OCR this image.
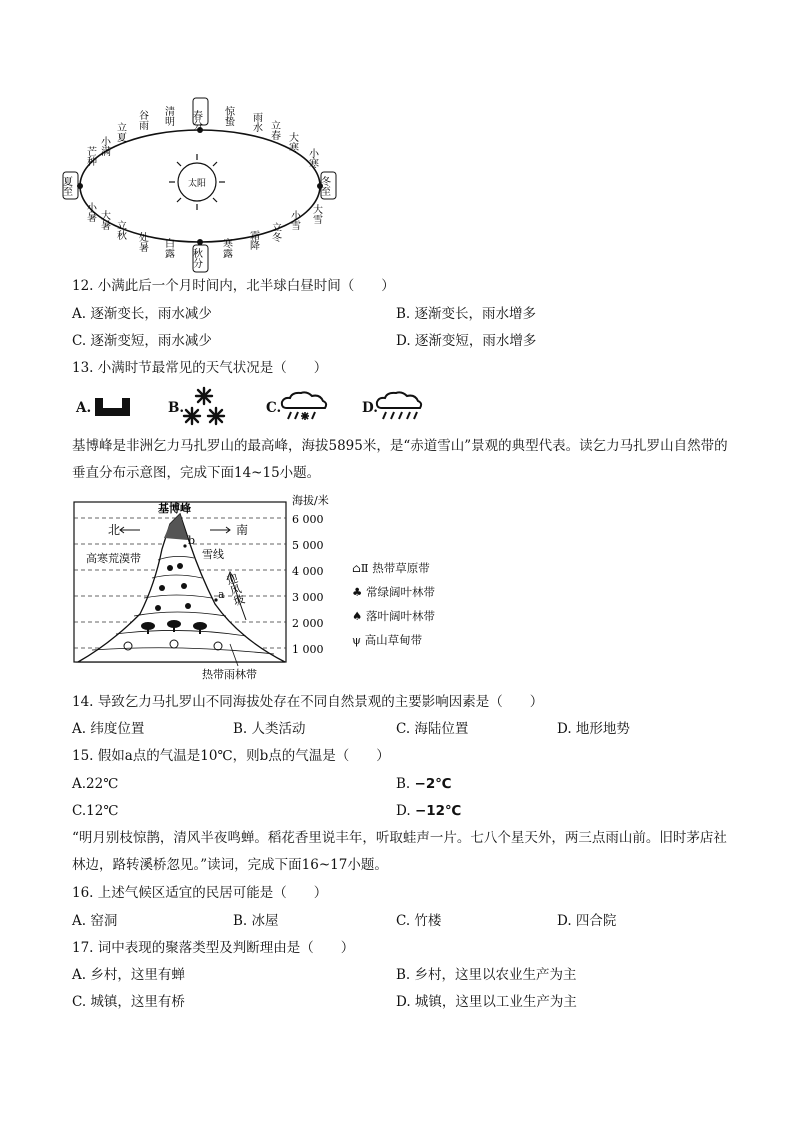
太阳
春分 惊蛰 雨水 立春
大寒
小寒
冬至
大雪
小雪
立冬
霜降
寒露
秋分
白露
处暑
立秋
大暑
小暑
夏至
芒种 小满
立夏
谷雨 清明
12. 小满此后一个月时间内，北半球白昼时间（　　）
A. 逐渐变长，雨水减少	B. 逐渐变长，雨水增多
C. 逐渐变短，雨水减少	D. 逐渐变短，雨水增多
13. 小满时节最常见的天气状况是（　　）
A.	B.	C.	D.
基博峰是非洲乞力马扎罗山的最高峰，海拔5895米，是“赤道雪山”景观的典型代表。读乞力马扎罗山自然带的垂直分布示意图，完成下面14~15小题。
海拔/米
6 000
5 000
4 000
3 000
2 000
1 000
基博峰
北	南
高寒荒漠带	雪线
b
a 迎风坡
热带雨林带
⌂Ⅱ 热带草原带
♣ 常绿阔叶林带
♠ 落叶阔叶林带
ψ 高山草甸带
14. 导致乞力马扎罗山不同海拔处存在不同自然景观的主要影响因素是（　　）
A. 纬度位置	B. 人类活动	C. 海陆位置	D. 地形地势
15. 假如a点的气温是10℃，则b点的气温是（　　）
A.22℃	B. −2℃
C.12℃	D. −12℃
“明月别枝惊鹊，清风半夜鸣蝉。稻花香里说丰年，听取蛙声一片。七八个星天外，两三点雨山前。旧时茅店社林边，路转溪桥忽见。”读词，完成下面16~17小题。
16. 上述气候区适宜的民居可能是（　　）
A. 窑洞	B. 冰屋	C. 竹楼	D. 四合院
17. 词中表现的聚落类型及判断理由是（　　）
A. 乡村，这里有蝉	B. 乡村，这里以农业生产为主
C. 城镇，这里有桥	D. 城镇，这里以工业生产为主
